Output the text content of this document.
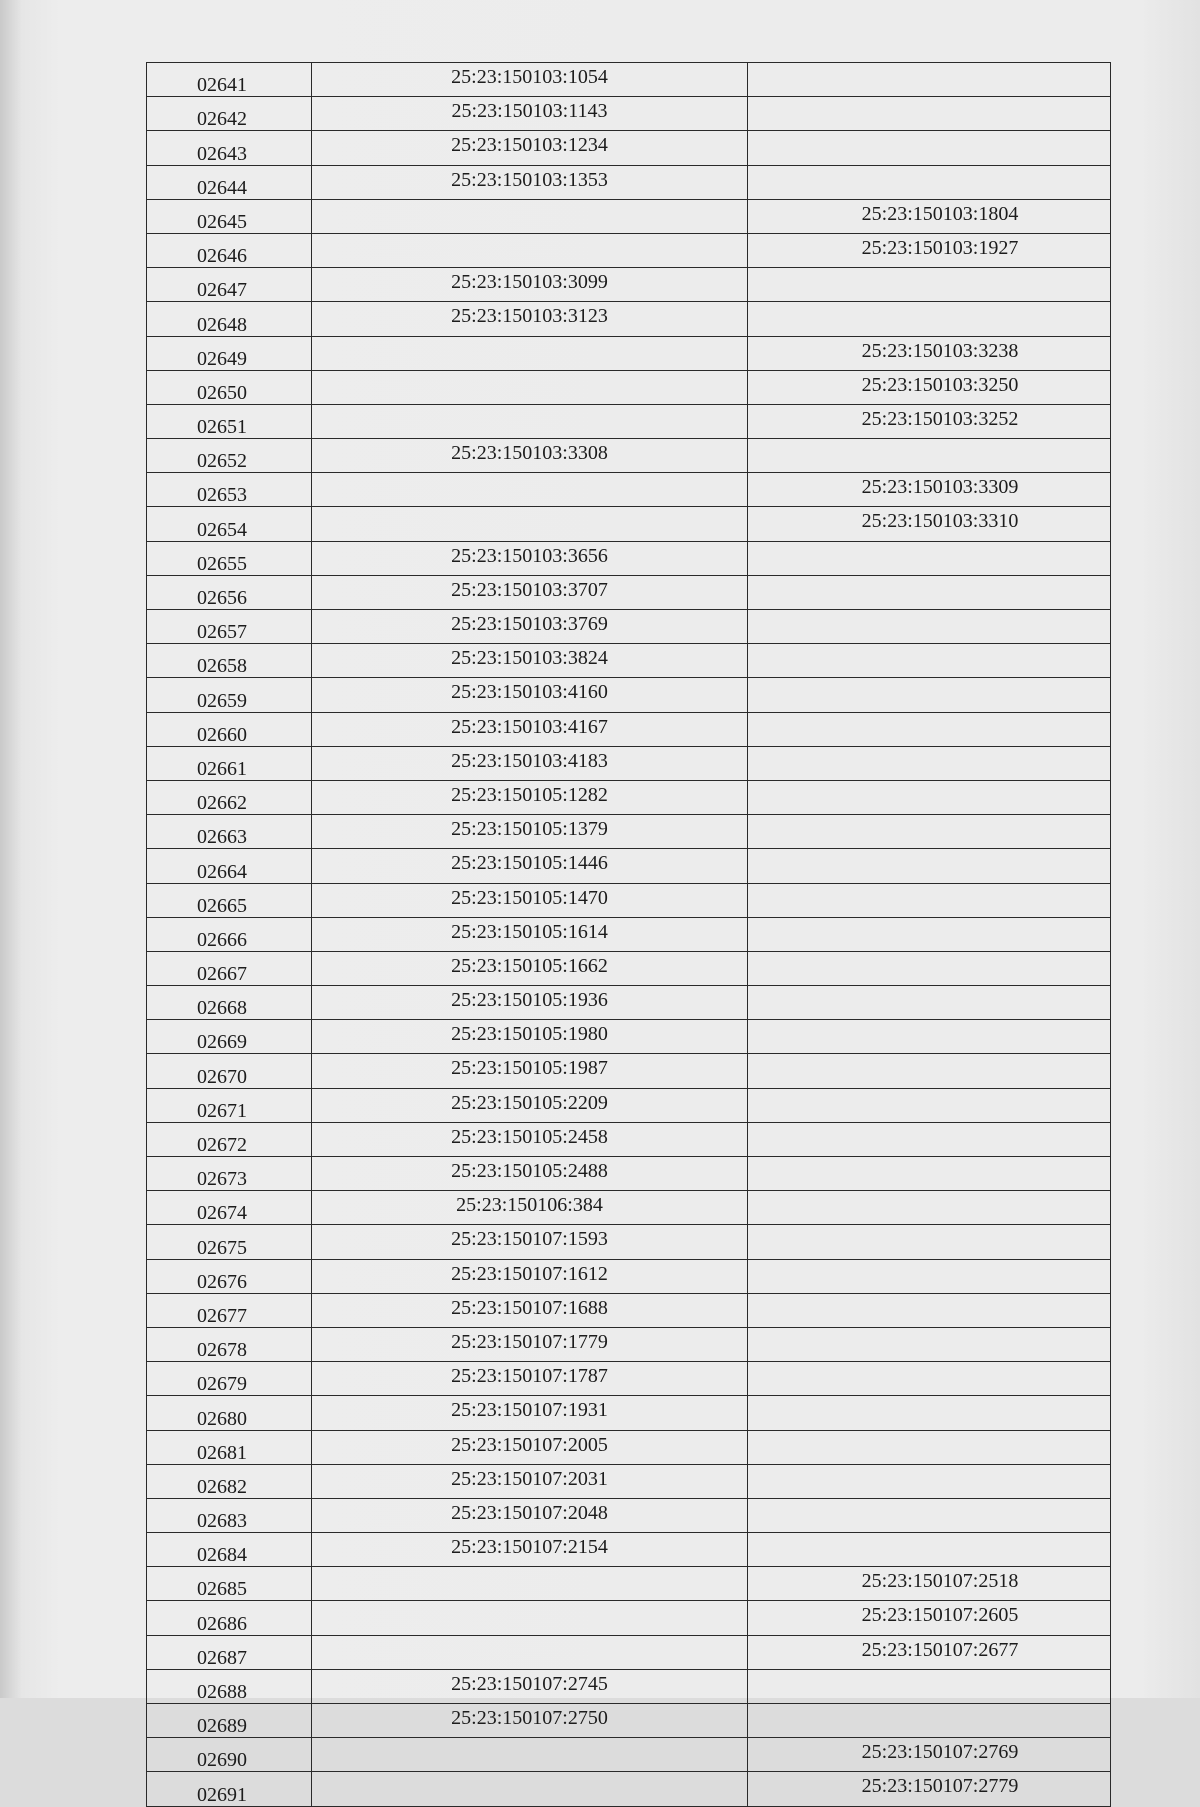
02641	25:23:150103:1054	
02642	25:23:150103:1143	
02643	25:23:150103:1234	
02644	25:23:150103:1353	
02645		25:23:150103:1804
02646		25:23:150103:1927
02647	25:23:150103:3099	
02648	25:23:150103:3123	
02649		25:23:150103:3238
02650		25:23:150103:3250
02651		25:23:150103:3252
02652	25:23:150103:3308	
02653		25:23:150103:3309
02654		25:23:150103:3310
02655	25:23:150103:3656	
02656	25:23:150103:3707	
02657	25:23:150103:3769	
02658	25:23:150103:3824	
02659	25:23:150103:4160	
02660	25:23:150103:4167	
02661	25:23:150103:4183	
02662	25:23:150105:1282	
02663	25:23:150105:1379	
02664	25:23:150105:1446	
02665	25:23:150105:1470	
02666	25:23:150105:1614	
02667	25:23:150105:1662	
02668	25:23:150105:1936	
02669	25:23:150105:1980	
02670	25:23:150105:1987	
02671	25:23:150105:2209	
02672	25:23:150105:2458	
02673	25:23:150105:2488	
02674	25:23:150106:384	
02675	25:23:150107:1593	
02676	25:23:150107:1612	
02677	25:23:150107:1688	
02678	25:23:150107:1779	
02679	25:23:150107:1787	
02680	25:23:150107:1931	
02681	25:23:150107:2005	
02682	25:23:150107:2031	
02683	25:23:150107:2048	
02684	25:23:150107:2154	
02685		25:23:150107:2518
02686		25:23:150107:2605
02687		25:23:150107:2677
02688	25:23:150107:2745	
02689	25:23:150107:2750	
02690		25:23:150107:2769
02691		25:23:150107:2779
